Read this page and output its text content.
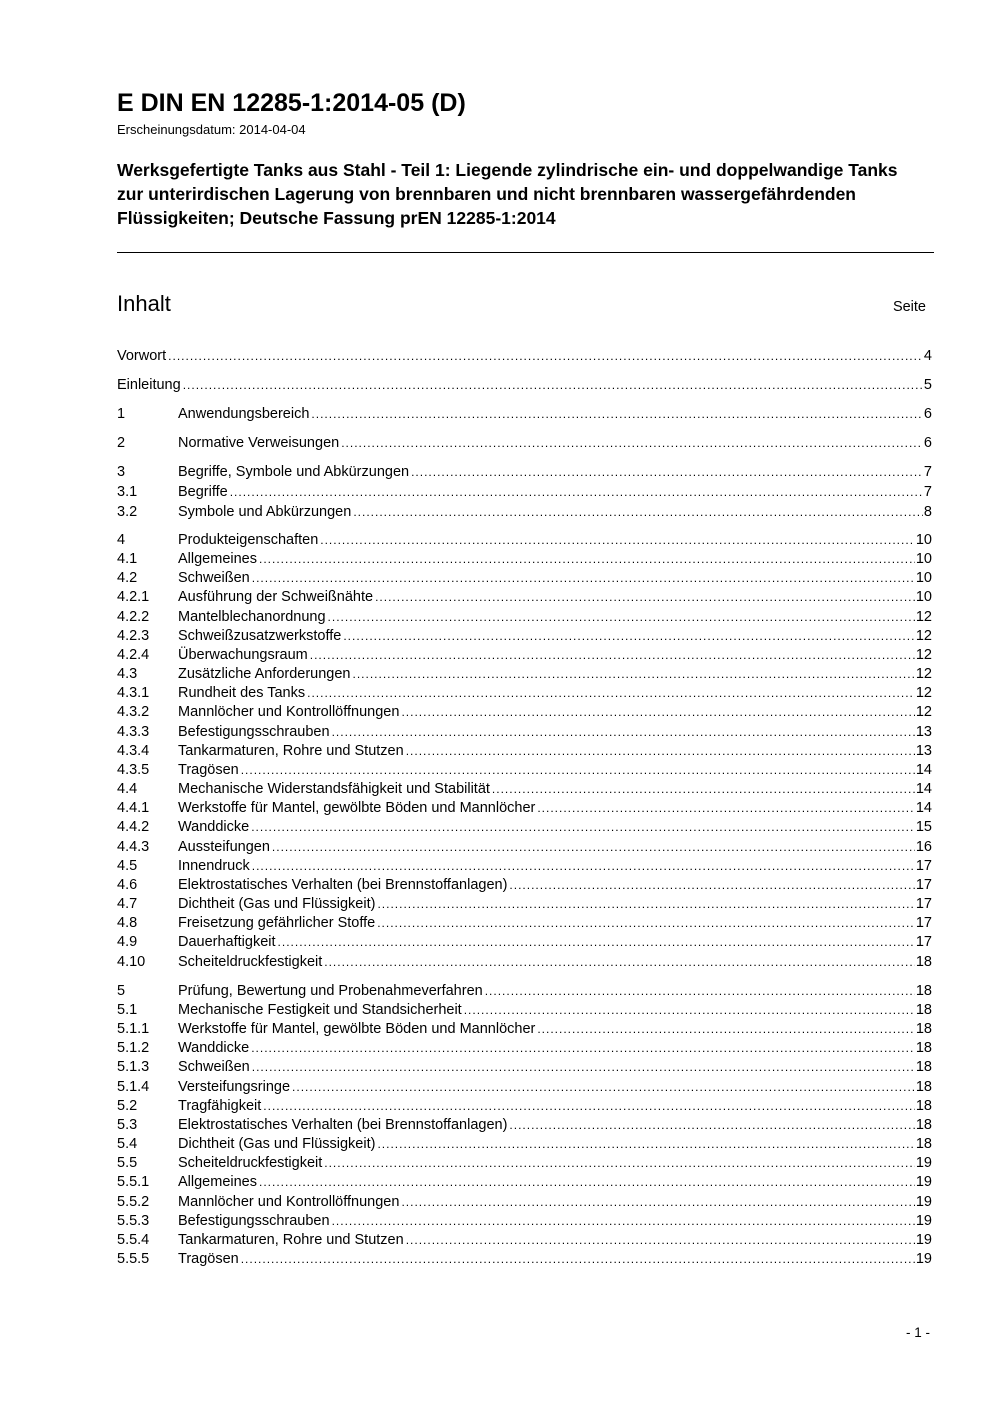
E DIN EN 12285-1:2014-05 (D)
Erscheinungsdatum: 2014-04-04
Werksgefertigte Tanks aus Stahl - Teil 1: Liegende zylindrische ein- und doppelwandige Tanks zur unterirdischen Lagerung von brennbaren und nicht brennbaren wassergefährdenden Flüssigkeiten; Deutsche Fassung prEN 12285-1:2014
Inhalt	Seite
Vorwort .....	4
Einleitung .....	5
1	Anwendungsbereich .....	6
2	Normative Verweisungen .....	6
3	Begriffe, Symbole und Abkürzungen .....	7
3.1	Begriffe .....	7
3.2	Symbole und Abkürzungen .....	8
4	Produkteigenschaften .....	10
4.1	Allgemeines .....	10
4.2	Schweißen .....	10
4.2.1	Ausführung der Schweißnähte .....	10
4.2.2	Mantelblechanordnung .....	12
4.2.3	Schweißzusatzwerkstoffe .....	12
4.2.4	Überwachungsraum .....	12
4.3	Zusätzliche Anforderungen .....	12
4.3.1	Rundheit des Tanks .....	12
4.3.2	Mannlöcher und Kontrollöffnungen .....	12
4.3.3	Befestigungsschrauben .....	13
4.3.4	Tankarmaturen, Rohre und Stutzen .....	13
4.3.5	Tragösen .....	14
4.4	Mechanische Widerstandsfähigkeit und Stabilität .....	14
4.4.1	Werkstoffe für Mantel, gewölbte Böden und Mannlöcher .....	14
4.4.2	Wanddicke .....	15
4.4.3	Aussteifungen .....	16
4.5	Innendruck .....	17
4.6	Elektrostatisches Verhalten (bei Brennstoffanlagen) .....	17
4.7	Dichtheit (Gas und Flüssigkeit) .....	17
4.8	Freisetzung gefährlicher Stoffe .....	17
4.9	Dauerhaftigkeit .....	17
4.10	Scheiteldruckfestigkeit .....	18
5	Prüfung, Bewertung und Probenahmeverfahren .....	18
5.1	Mechanische Festigkeit und Standsicherheit .....	18
5.1.1	Werkstoffe für Mantel, gewölbte Böden und Mannlöcher .....	18
5.1.2	Wanddicke .....	18
5.1.3	Schweißen .....	18
5.1.4	Versteifungsringe .....	18
5.2	Tragfähigkeit .....	18
5.3	Elektrostatisches Verhalten (bei Brennstoffanlagen) .....	18
5.4	Dichtheit (Gas und Flüssigkeit) .....	18
5.5	Scheiteldruckfestigkeit .....	19
5.5.1	Allgemeines .....	19
5.5.2	Mannlöcher und Kontrollöffnungen .....	19
5.5.3	Befestigungsschrauben .....	19
5.5.4	Tankarmaturen, Rohre und Stutzen .....	19
5.5.5	Tragösen .....	19
- 1 -
